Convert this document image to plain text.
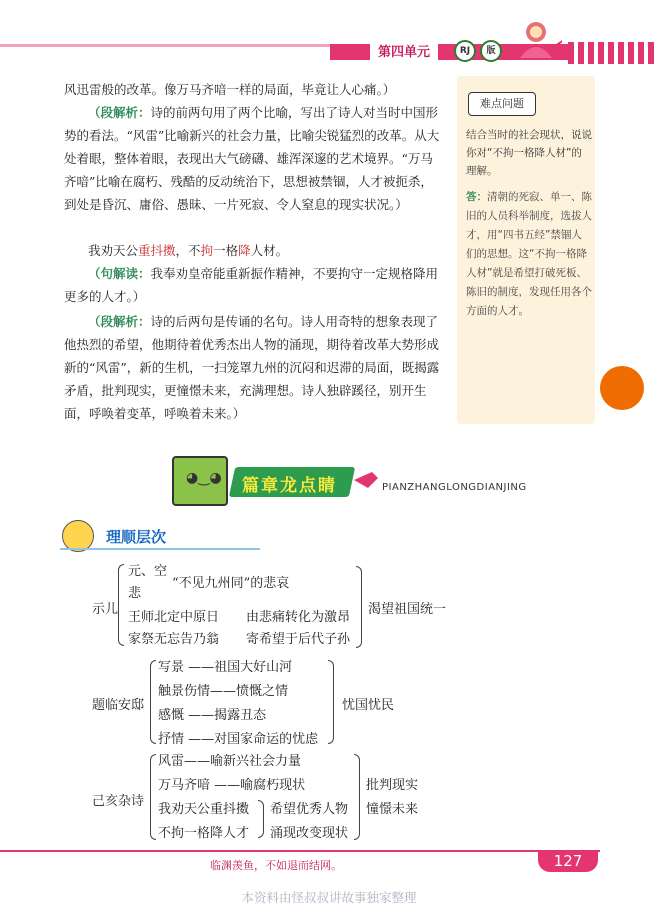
第四单元	RJ	版
风迅雷般的改革。像万马齐喑一样的局面，毕竟让人心痛。）
（段解析：诗的前两句用了两个比喻，写出了诗人对当时中国形势的看法。“风雷”比喻新兴的社会力量，比喻尖锐猛烈的改革。从大处着眼，整体着眼，表现出大气磅礴、雄浑深邃的艺术境界。“万马齐喑”比喻在腐朽、残酷的反动统治下，思想被禁锢，人才被扼杀，到处是昏沉、庸俗、愚昧、一片死寂、令人窒息的现实状况。）
我劝天公重抖擞，不拘一格降人材。
（句解读：我奉劝皇帝能重新振作精神，不要拘守一定规格降用更多的人才。）
（段解析：诗的后两句是传诵的名句。诗人用奇特的想象表现了他热烈的希望，他期待着优秀杰出人物的涌现，期待着改革大势形成新的“风雷”，新的生机，一扫笼罩九州的沉闷和迟滞的局面，既揭露矛盾，批判现实，更憧憬未来，充满理想。诗人独辟蹊径，别开生面，呼唤着变革，呼唤着未来。）
难点问题
结合当时的社会现状，说说你对“不拘一格降人材”的理解。
答：清朝的死寂、单一、陈旧的人员科举制度，选拔人才，用“四书五经”禁锢人们的思想。这“不拘一格降人材”就是希望打破死板、陈旧的制度，发现任用各个方面的人才。
◕‿◕ 篇章龙点睛	PIANZHANGLONGDIANJING
理顺层次
示儿
元、空
悲
“不见九州同”的悲哀
王师北定中原日 由悲痛转化为激昂
家祭无忘告乃翁 寄希望于后代子孙
渴望祖国统一
题临安邸
写景 ——祖国大好山河
触景伤情——愤慨之情
感慨 ——揭露丑态
抒情 ——对国家命运的忧虑
忧国忧民
己亥杂诗
风雷——喻新兴社会力量
万马齐喑 ——喻腐朽现状
我劝天公重抖擞
不拘一格降人才
希望优秀人物
涌现改变现状
批判现实
憧憬未来
临渊羡鱼，不如退而结网。	127
本资料由怪叔叔讲故事独家整理
